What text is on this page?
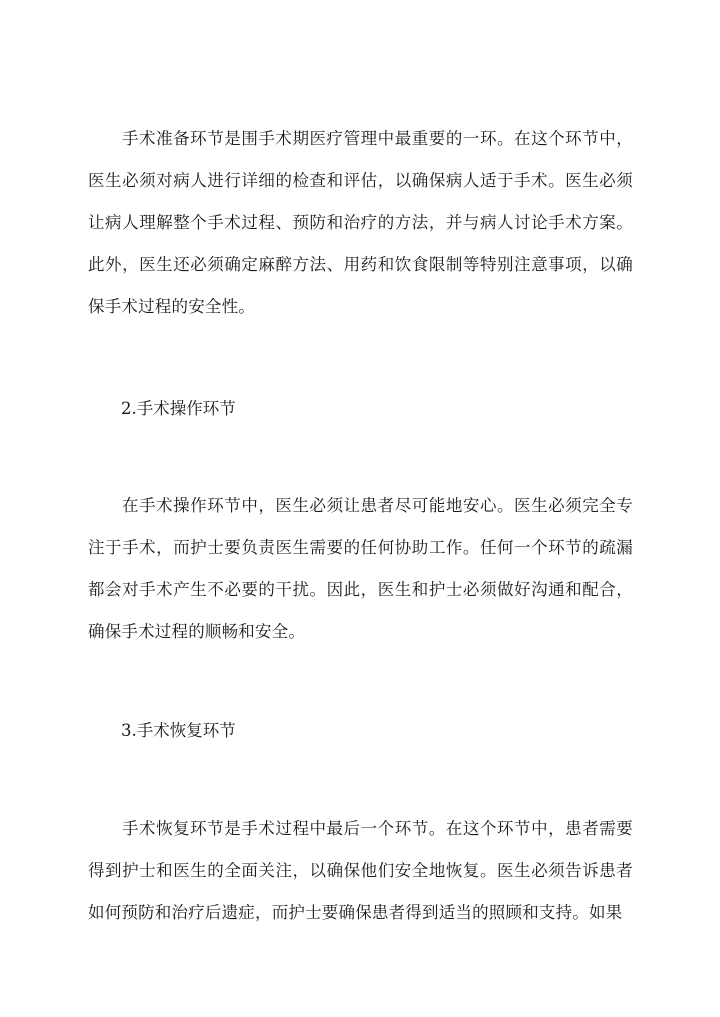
手术准备环节是围手术期医疗管理中最重要的一环。在这个环节中，医生必须对病人进行详细的检查和评估，以确保病人适于手术。医生必须让病人理解整个手术过程、预防和治疗的方法，并与病人讨论手术方案。此外，医生还必须确定麻醉方法、用药和饮食限制等特别注意事项，以确保手术过程的安全性。

2.手术操作环节

在手术操作环节中，医生必须让患者尽可能地安心。医生必须完全专注于手术，而护士要负责医生需要的任何协助工作。任何一个环节的疏漏都会对手术产生不必要的干扰。因此，医生和护士必须做好沟通和配合，确保手术过程的顺畅和安全。

3.手术恢复环节

手术恢复环节是手术过程中最后一个环节。在这个环节中，患者需要得到护士和医生的全面关注，以确保他们安全地恢复。医生必须告诉患者如何预防和治疗后遗症，而护士要确保患者得到适当的照顾和支持。如果
